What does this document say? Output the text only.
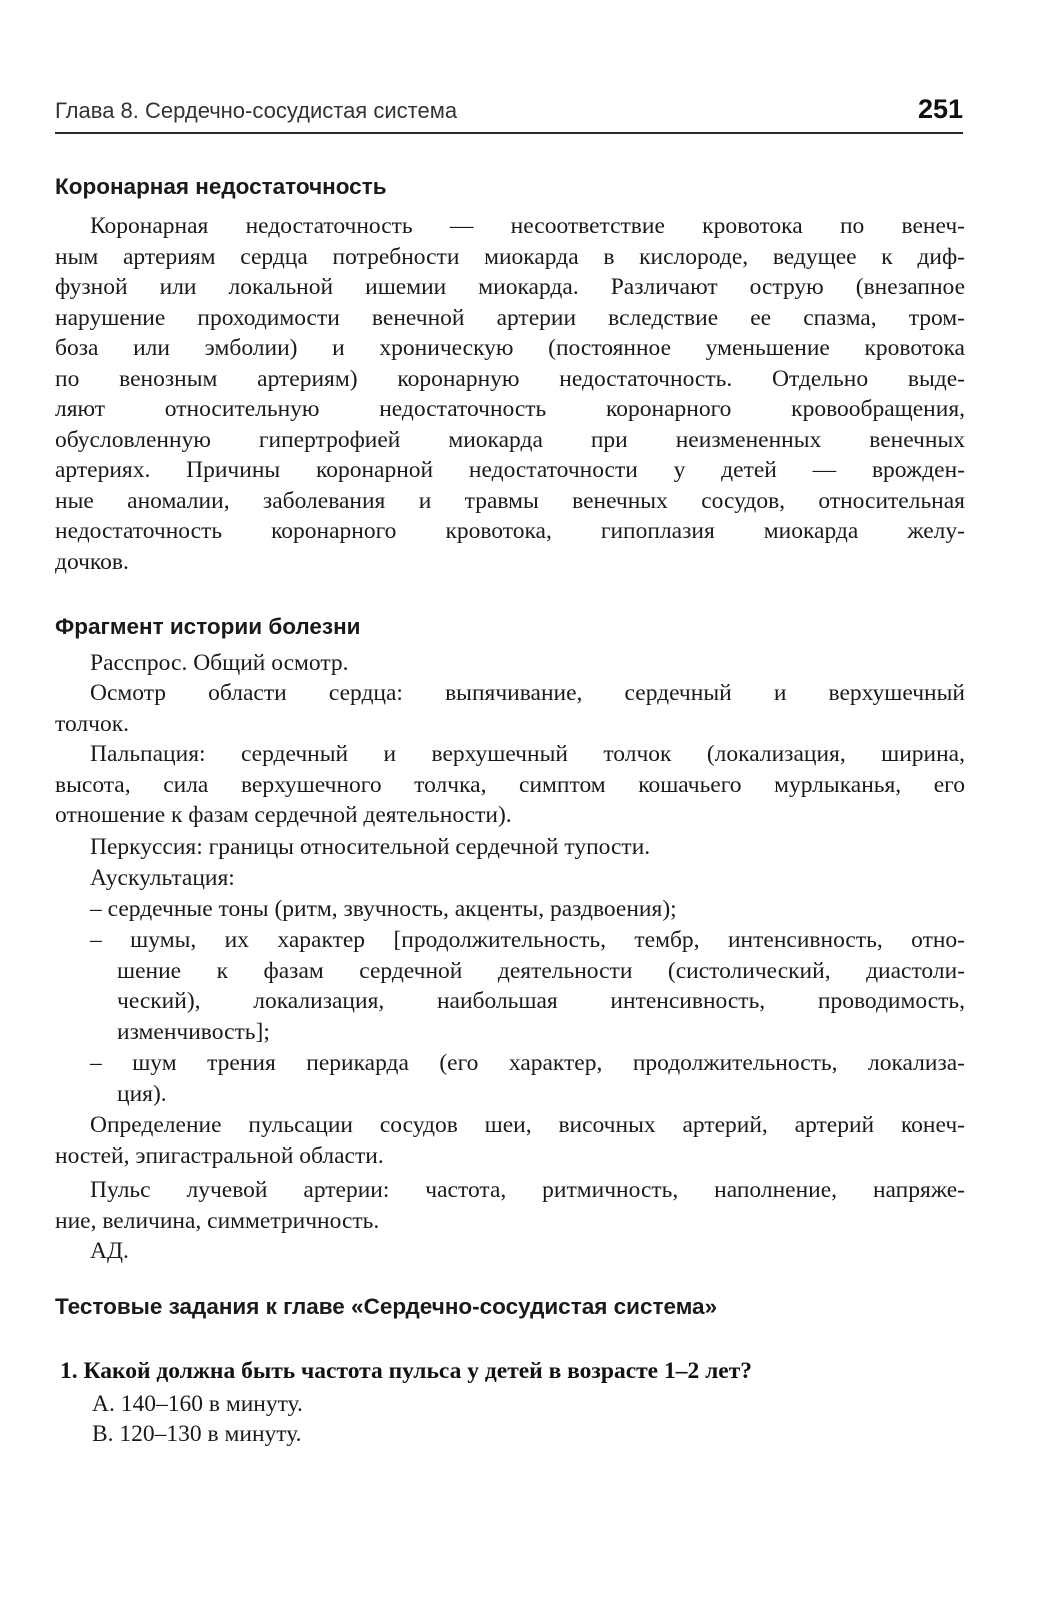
Глава 8. Сердечно-сосудистая система	251
Коронарная недостаточность
Коронарная недостаточность — несоответствие кровотока по венеч-
ным артериям сердца потребности миокарда в кислороде, ведущее к диф-
фузной или локальной ишемии миокарда. Различают острую (внезапное
нарушение проходимости венечной артерии вследствие ее спазма, тром-
боза или эмболии) и хроническую (постоянное уменьшение кровотока
по венозным артериям) коронарную недостаточность. Отдельно выде-
ляют относительную недостаточность коронарного кровообращения,
обусловленную гипертрофией миокарда при неизмененных венечных
артериях. Причины коронарной недостаточности у детей — врожден-
ные аномалии, заболевания и травмы венечных сосудов, относительная
недостаточность коронарного кровотока, гипоплазия миокарда желу-
дочков.
Фрагмент истории болезни

Расспрос. Общий осмотр.

Осмотр области сердца: выпячивание, сердечный и верхушечный
толчок.
Пальпация: сердечный и верхушечный толчок (локализация, ширина,
высота, сила верхушечного толчка, симптом кошачьего мурлыканья, его
отношение к фазам сердечной деятельности).

Перкуссия: границы относительной сердечной тупости.

Аускультация:

– сердечные тоны (ритм, звучность, акценты, раздвоения);

– шумы, их характер [продолжительность, тембр, интенсивность, отно-
шение к фазам сердечной деятельности (систолический, диастоли-
ческий), локализация, наибольшая интенсивность, проводимость,
изменчивость];
– шум трения перикарда (его характер, продолжительность, локализа-
ция).
Определение пульсации сосудов шеи, височных артерий, артерий конеч-
ностей, эпигастральной области.
Пульс лучевой артерии: частота, ритмичность, наполнение, напряже-
ние, величина, симметричность.

АД.

Тестовые задания к главе «Сердечно-сосудистая система»

1. Какой должна быть частота пульса у детей в возрасте 1–2 лет?

А. 140–160 в минуту.

В. 120–130 в минуту.
